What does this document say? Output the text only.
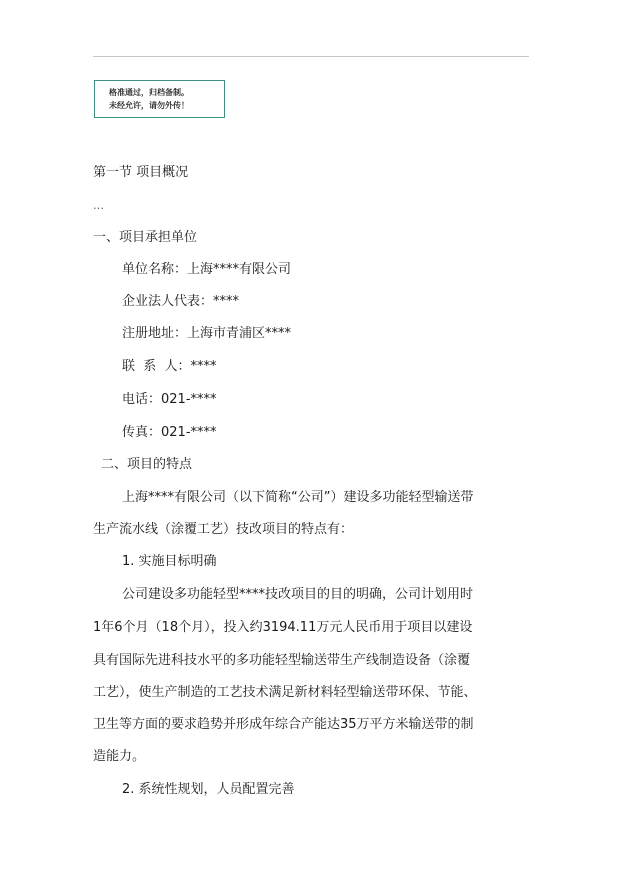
格准通过，归档备制。
未经允许，请勿外传！
第一节 项目概况
…
一、项目承担单位
单位名称：上海****有限公司
企业法人代表：****
注册地址：上海市青浦区****
联  系  人：****
电话：021-****
传真：021-****
二、项目的特点
上海****有限公司（以下简称“公司”）建设多功能轻型输送带
生产流水线（涂覆工艺）技改项目的特点有：
1. 实施目标明确
公司建设多功能轻型****技改项目的目的明确，公司计划用时
1年6个月（18个月），投入约3194.11万元人民币用于项目以建设
具有国际先进科技水平的多功能轻型输送带生产线制造设备（涂覆
工艺），使生产制造的工艺技术满足新材料轻型输送带环保、节能、
卫生等方面的要求趋势并形成年综合产能达35万平方米输送带的制
造能力。
2. 系统性规划，人员配置完善
